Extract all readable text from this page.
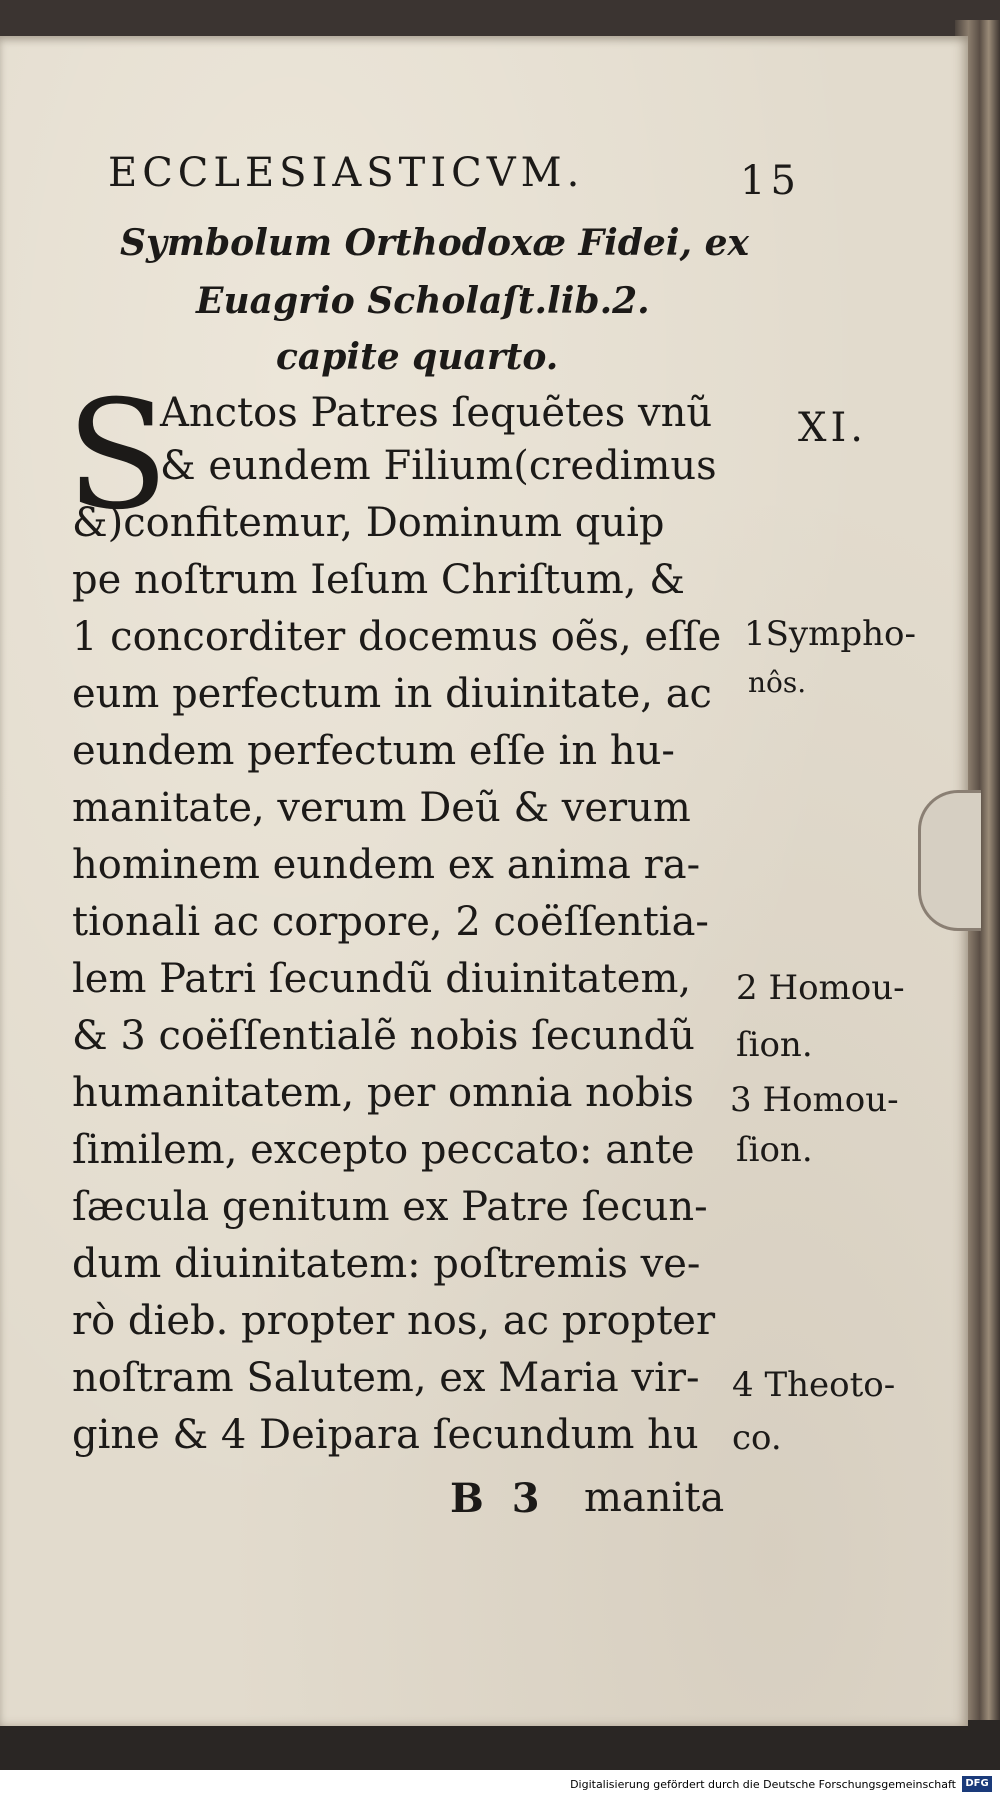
ECCLESIASTICVM.	15
Symbolum Orthodoxæ Fidei, ex
Euagrio Scholaſt.lib.2.
capite quarto.
S
Anctos Patres ſequẽtes vnũ
& eundem Filium(credimus
&)confitemur, Dominum quip
pe noſtrum Ieſum Chriſtum, &
1 concorditer docemus oẽs, eſſe
eum perfectum in diuinitate, ac
eundem perfectum eſſe in hu-
manitate, verum Deũ & verum
hominem eundem ex anima ra-
tionali ac corpore, 2 coëſſentia-
lem Patri ſecundũ diuinitatem,
& 3 coëſſentialẽ nobis ſecundũ
humanitatem, per omnia nobis
ſimilem, excepto peccato: ante
ſæcula genitum ex Patre ſecun-
dum diuinitatem: poſtremis ve-
rò dieb. propter nos, ac propter
noſtram Salutem, ex Maria vir-
gine & 4 Deipara ſecundum hu
XI.
1Sympho-
nôs.
2 Homou-
ſion.
3 Homou-
ſion.
4 Theoto-
co.
B 3 manita
Digitalisierung gefördert durch die Deutsche Forschungsgemeinschaft DFG
